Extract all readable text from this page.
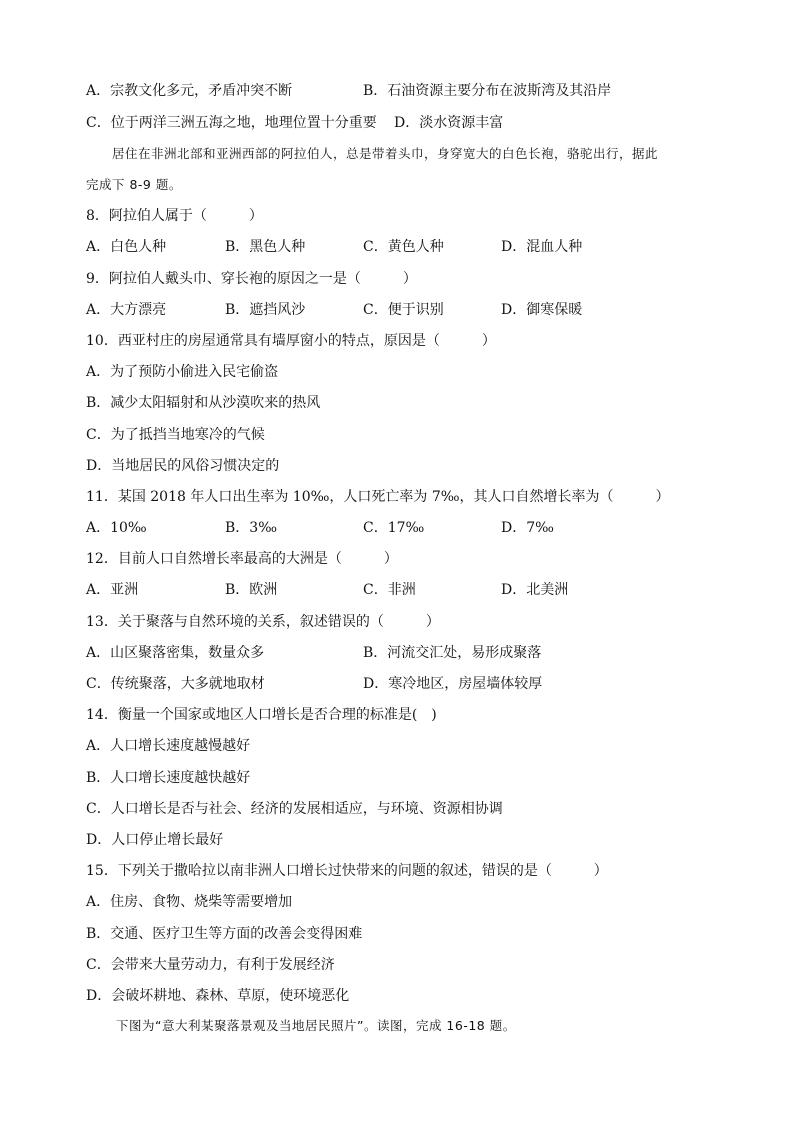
A．宗教文化多元，矛盾冲突不断	B．石油资源主要分布在波斯湾及其沿岸
C．位于两洋三洲五海之地，地理位置十分重要 D．淡水资源丰富
居住在非洲北部和亚洲西部的阿拉伯人，总是带着头巾，身穿宽大的白色长袍，骆驼出行，据此
完成下 8-9 题。
8．阿拉伯人属于（　　　）
A．白色人种	B．黑色人种	C．黄色人种	D．混血人种
9．阿拉伯人戴头巾、穿长袍的原因之一是（　　　）
A．大方漂亮	B．遮挡风沙	C．便于识别	D．御寒保暖
10．西亚村庄的房屋通常具有墙厚窗小的特点，原因是（　　　）
A．为了预防小偷进入民宅偷盗
B．减少太阳辐射和从沙漠吹来的热风
C．为了抵挡当地寒冷的气候
D．当地居民的风俗习惯决定的
11．某国 2018 年人口出生率为 10‰，人口死亡率为 7‰，其人口自然增长率为（　　　）
A．10‰	B．3‰	C．17‰	D．7‰
12．目前人口自然增长率最高的大洲是（　　　）
A．亚洲	B．欧洲	C．非洲	D．北美洲
13．关于聚落与自然环境的关系，叙述错误的（　　　）
A．山区聚落密集，数量众多	B．河流交汇处，易形成聚落
C．传统聚落，大多就地取材	D．寒冷地区，房屋墙体较厚
14．衡量一个国家或地区人口增长是否合理的标准是(　)
A．人口增长速度越慢越好
B．人口增长速度越快越好
C．人口增长是否与社会、经济的发展相适应，与环境、资源相协调
D．人口停止增长最好
15．下列关于撒哈拉以南非洲人口增长过快带来的问题的叙述，错误的是（　　　）
A．住房、食物、烧柴等需要增加
B．交通、医疗卫生等方面的改善会变得困难
C．会带来大量劳动力，有利于发展经济
D．会破坏耕地、森林、草原，使环境恶化
下图为“意大利某聚落景观及当地居民照片”。读图，完成 16-18 题。
